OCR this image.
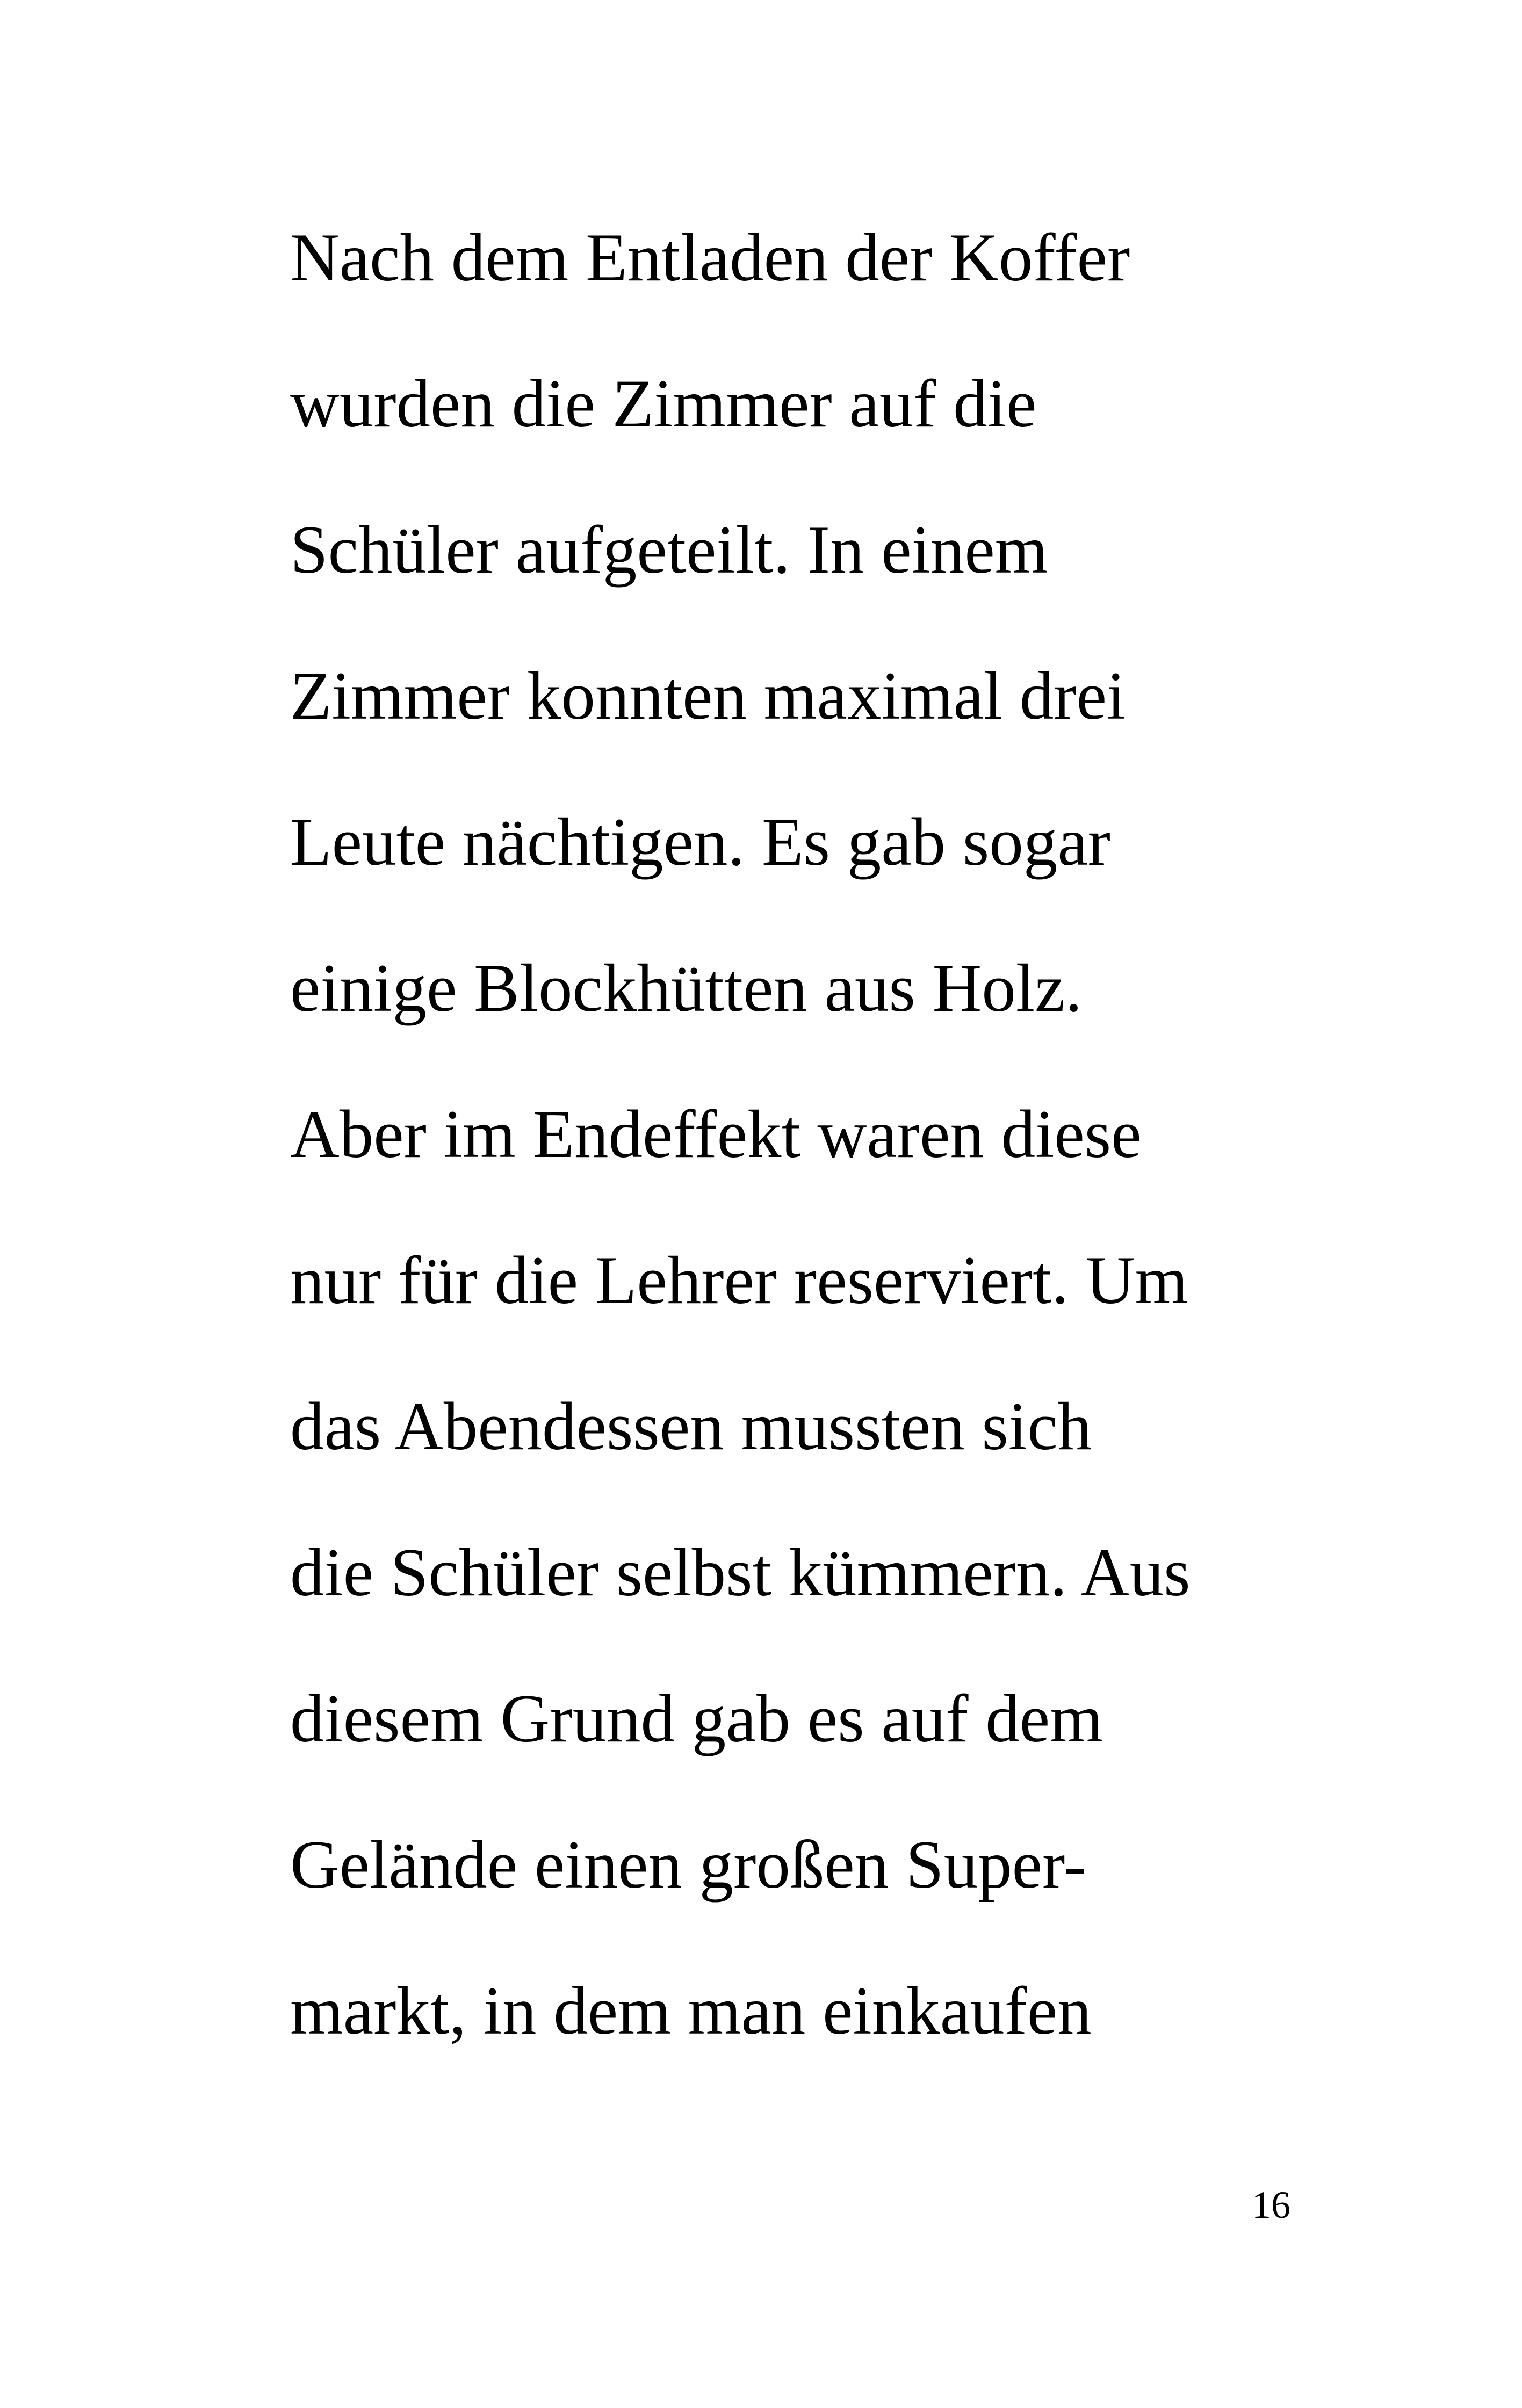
Nach dem Entladen der Koffer
wurden die Zimmer auf die
Schüler aufgeteilt. In einem
Zimmer konnten maximal drei
Leute nächtigen. Es gab sogar
einige Blockhütten aus Holz.
Aber im Endeffekt waren diese
nur für die Lehrer reserviert. Um
das Abendessen mussten sich
die Schüler selbst kümmern. Aus
diesem Grund gab es auf dem
Gelände einen großen Super-
markt, in dem man einkaufen
16
